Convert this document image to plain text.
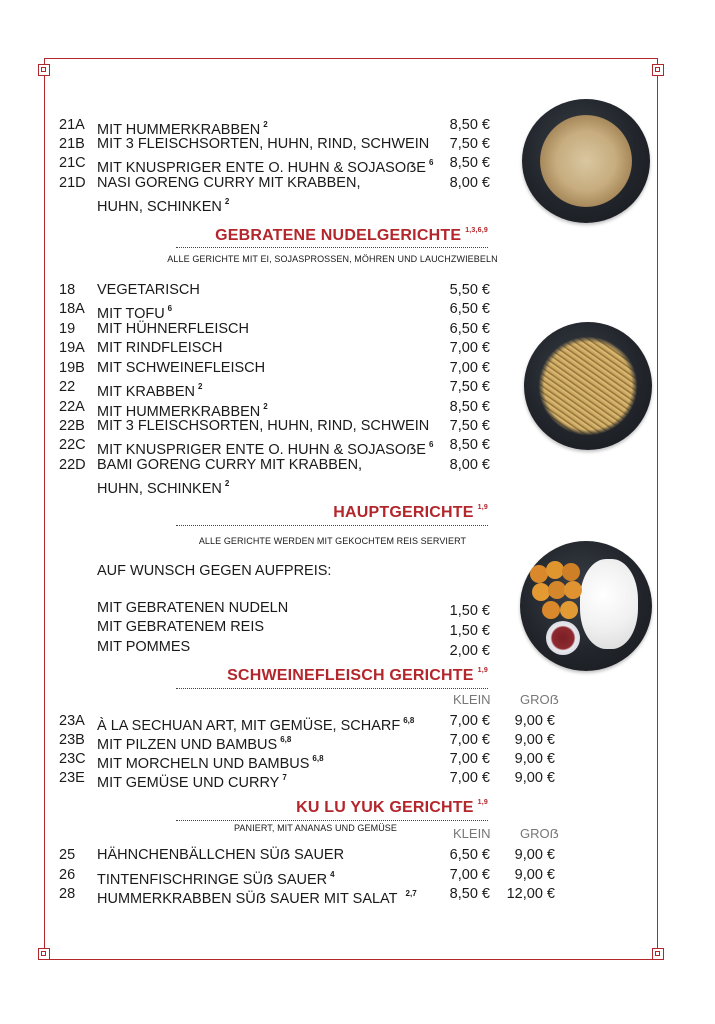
21A MIT HUMMERKRABBEN $^2$	8,50 €
21B MIT 3 FLEISCHSORTEN, HUHN, RIND, SCHWEIN 7,50 €
21C MIT KNUSPRIGER ENTE O. HUHN & SOJASOẞE $^6$ 8,50 €
21D NASI GORENG CURRY MIT KRABBEN,	8,00 €
HUHN, SCHINKEN $^2$
GEBRATENE NUDELGERICHTE $^{1,3,6,9}$
ALLE GERICHTE MIT EI, SOJASPROSSEN, MÖHREN UND LAUCHZWIEBELN
18 VEGETARISCH	5,50 €
18A MIT TOFU $^6$	6,50 €
19 MIT HÜHNERFLEISCH	6,50 €
19A MIT RINDFLEISCH	7,00 €
19B MIT SCHWEINEFLEISCH	7,00 €
22 MIT KRABBEN $^2$	7,50 €
22A MIT HUMMERKRABBEN $^2$	8,50 €
22B MIT 3 FLEISCHSORTEN, HUHN, RIND, SCHWEIN 7,50 €
22C MIT KNUSPRIGER ENTE O. HUHN & SOJASOẞE $^6$ 8,50 €
22D BAMI GORENG CURRY MIT KRABBEN,	8,00 €
HUHN, SCHINKEN $^2$
HAUPTGERICHTE $^{1,9}$
ALLE GERICHTE WERDEN MIT GEKOCHTEM REIS SERVIERT
AUF WUNSCH GEGEN AUFPREIS:
MIT GEBRATENEN NUDELN	1,50 €
MIT GEBRATENEM REIS	1,50 €
MIT POMMES	2,00 €
SCHWEINEFLEISCH GERICHTE $^{1,9}$
KLEIN GROẞ
23A À LA SECHUAN ART, MIT GEMÜSE, SCHARF $^{6,8}$ 7,00 € 9,00 €
23B MIT PILZEN UND BAMBUS $^{6,8}$	7,00 € 9,00 €
23C MIT MORCHELN UND BAMBUS $^{6,8}$	7,00 € 9,00 €
23E MIT GEMÜSE UND CURRY $^7$	7,00 € 9,00 €
KU LU YUK GERICHTE $^{1,9}$
PANIERT, MIT ANANAS UND GEMÜSE	KLEIN GROẞ
25 HÄHNCHENBÄLLCHEN SÜẞ SAUER	6,50 € 9,00 €
26 TINTENFISCHRINGE SÜẞ SAUER $^4$	7,00 € 9,00 €
28 HUMMERKRABBEN SÜẞ SAUER MIT SALAT $^{2,7}$ 8,50 € 12,00 €
